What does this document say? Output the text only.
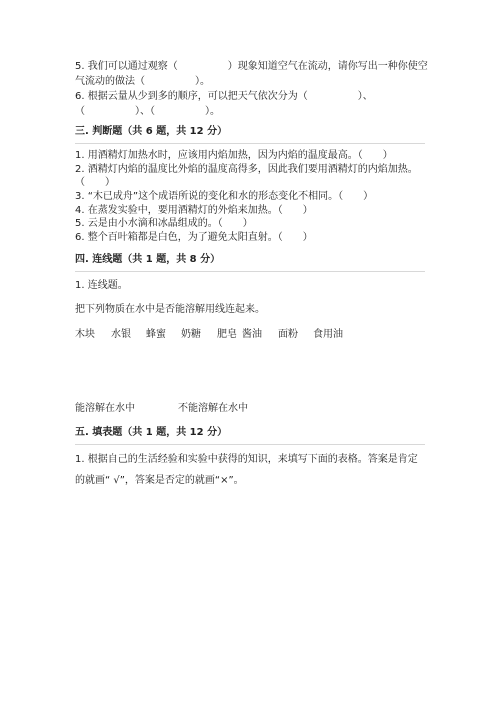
5. 我们可以通过观察（　　　　　）现象知道空气在流动，请你写出一种你使空
气流动的做法（　　　　　）。
6. 根据云量从少到多的顺序，可以把天气依次分为（　　　　　）、
（　　　　　）、（　　　　　）。
三. 判断题（共 6 题，共 12 分）
1. 用酒精灯加热水时，应该用内焰加热，因为内焰的温度最高。（　　）
2. 酒精灯内焰的温度比外焰的温度高得多，因此我们要用酒精灯的内焰加热。
（　　）
3. “木已成舟”这个成语所说的变化和水的形态变化不相同。（　　）
4. 在蒸发实验中，要用酒精灯的外焰来加热。（　　）
5. 云是由小水滴和冰晶组成的。（　　）
6. 整个百叶箱都是白色，为了避免太阳直射。（　　）
四. 连线题（共 1 题，共 8 分）
1. 连线题。
把下列物质在水中是否能溶解用线连起来。
木块 水银 蜂蜜 奶糖 肥皂 酱油 面粉 食用油
能溶解在水中	不能溶解在水中
五. 填表题（共 1 题，共 12 分）
1. 根据自己的生活经验和实验中获得的知识，来填写下面的表格。答案是肯定
的就画“ √”，答案是否定的就画“×”。
